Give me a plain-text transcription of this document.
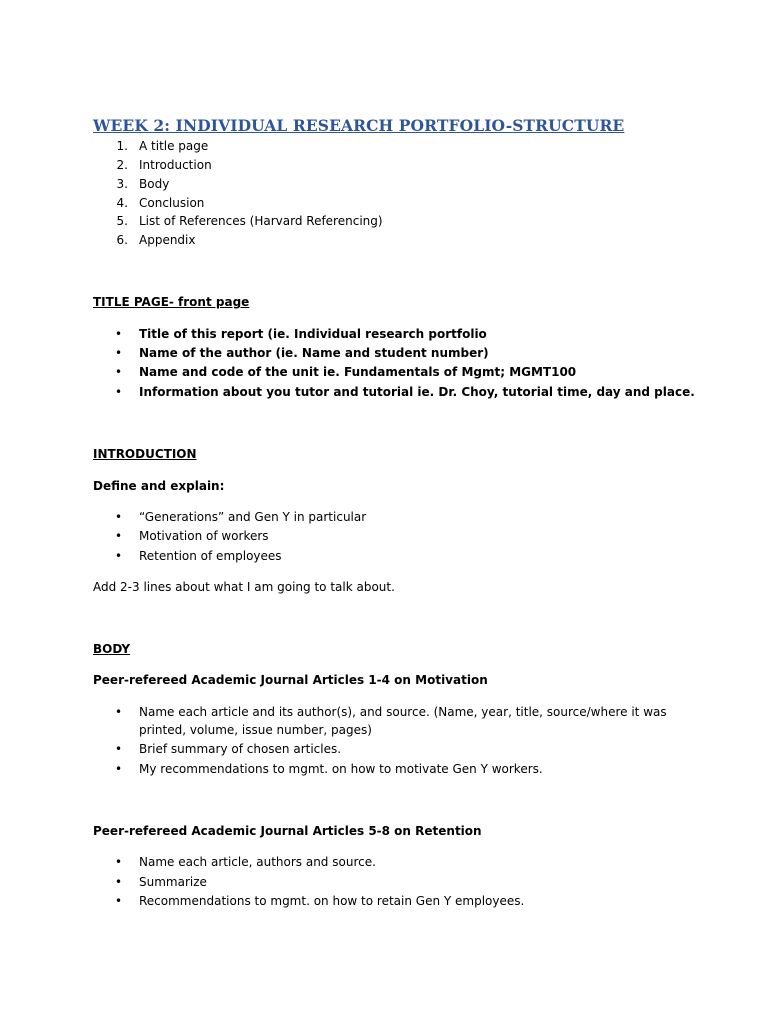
WEEK 2: INDIVIDUAL RESEARCH PORTFOLIO-STRUCTURE
1. A title page
2. Introduction
3. Body
4. Conclusion
5. List of References (Harvard Referencing)
6. Appendix
TITLE PAGE- front page
• Title of this report (ie. Individual research portfolio
• Name of the author (ie. Name and student number)
• Name and code of the unit ie. Fundamentals of Mgmt; MGMT100
• Information about you tutor and tutorial ie. Dr. Choy, tutorial time, day and place.
INTRODUCTION
Define and explain:
• “Generations” and Gen Y in particular
• Motivation of workers
• Retention of employees
Add 2-3 lines about what I am going to talk about.
BODY
Peer-refereed Academic Journal Articles 1-4 on Motivation
• Name each article and its author(s), and source. (Name, year, title, source/where it was
printed, volume, issue number, pages)
• Brief summary of chosen articles.
• My recommendations to mgmt. on how to motivate Gen Y workers.
Peer-refereed Academic Journal Articles 5-8 on Retention
• Name each article, authors and source.
• Summarize
• Recommendations to mgmt. on how to retain Gen Y employees.
